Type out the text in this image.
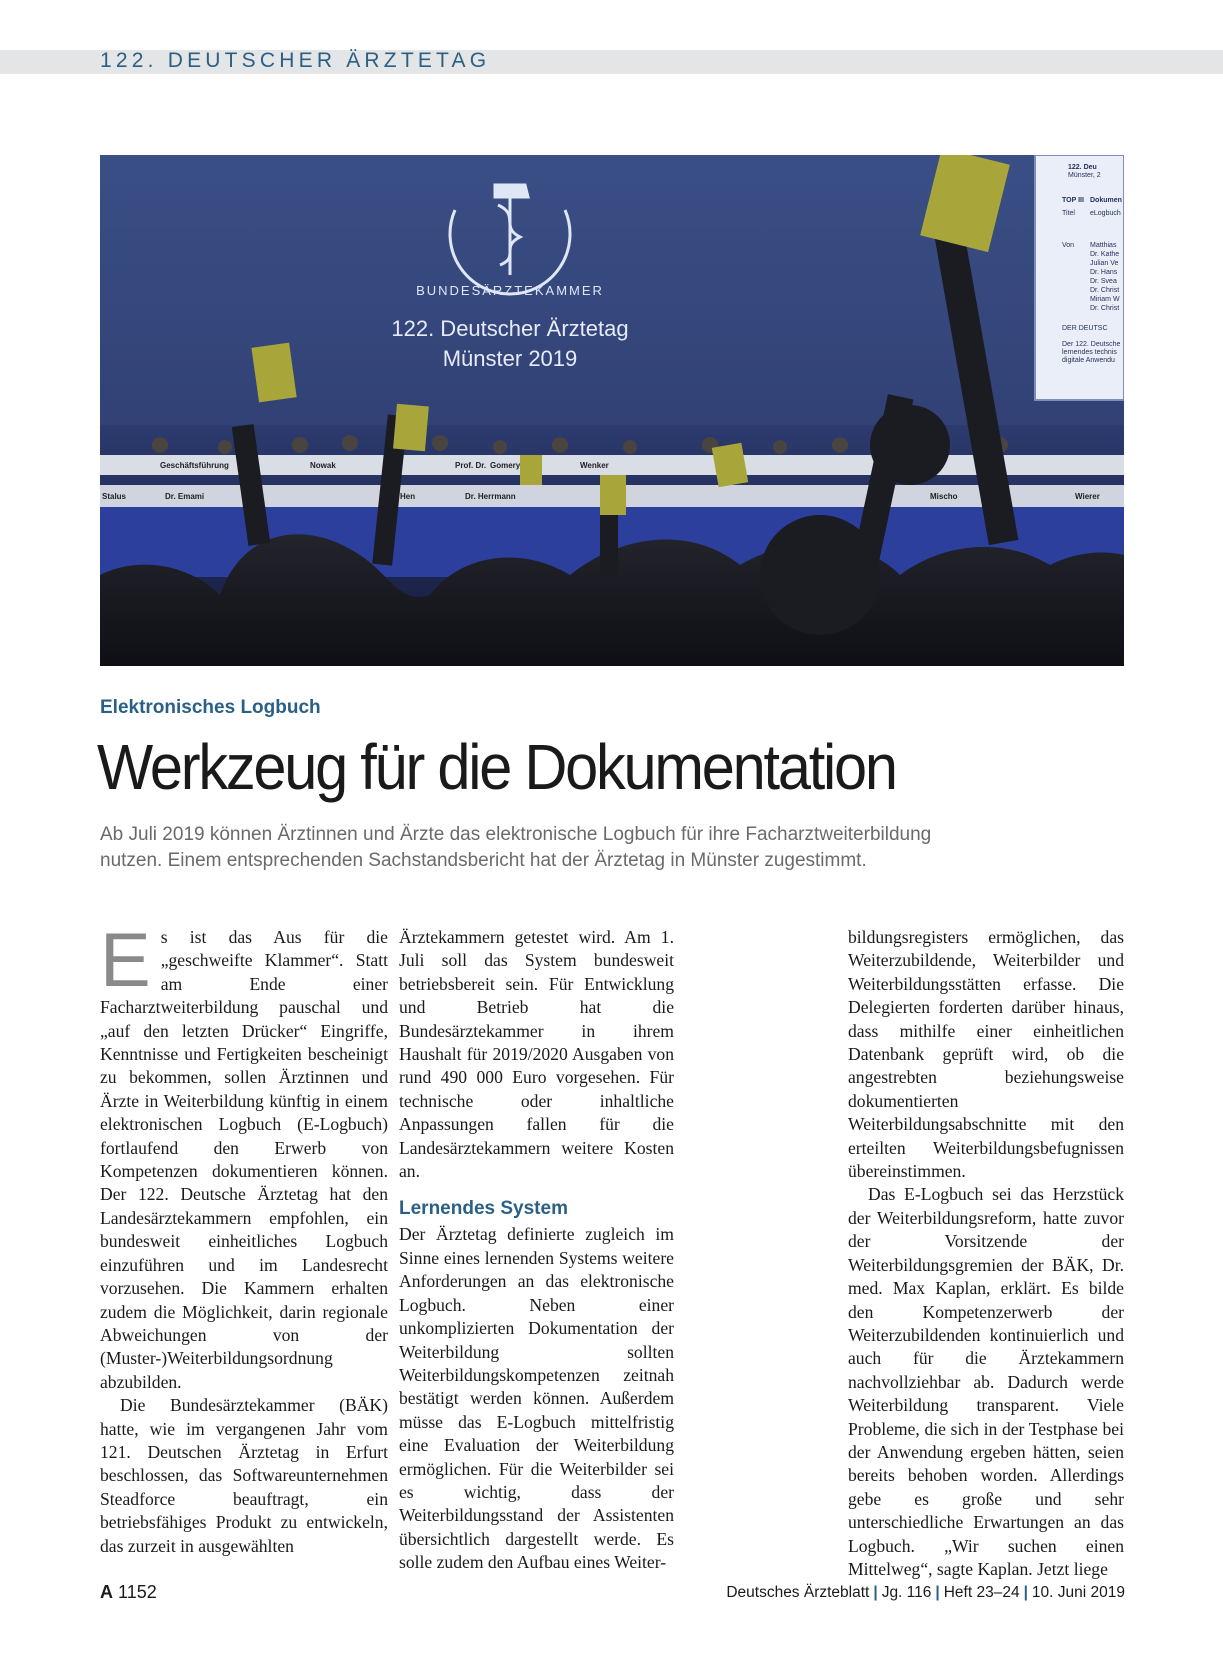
122. DEUTSCHER ÄRZTETAG
122. Deu
Münster, 2
TOP III Dokumen
Titel eLogbuch
Von Matthias
Dr. Kathe
Julian Ve
Dr. Hans
Dr. Svea
Dr. Christ
Miriam W
Dr. Christ
DER DEUTSC
Der 122. Deutsche
lernendes technis
digitale Anwendu
BUNDESÄRZTEKAMMER
122. Deutscher Ärztetag
Münster 2019
Geschäftsführung	Nowak	Prof. Dr. Gomery	Wenker
Stalus	Dr. Emami	Dr. Herrmann	Mischo	Wierer
Hen
Elektronisches Logbuch
Werkzeug für die Dokumentation

Ab Juli 2019 können Ärztinnen und Ärzte das elektronische Logbuch für ihre Facharztweiterbildung nutzen. Einem entsprechenden Sachstandsbericht hat der Ärztetag in Münster zugestimmt.

E s ist das Aus für die „geschweifte Klammer“. Statt am Ende einer Facharztweiterbildung pauschal und „auf den letzten Drücker“ Eingriffe, Kenntnisse und Fertigkeiten bescheinigt zu bekommen, sollen Ärztinnen und Ärzte in Weiterbildung künftig in einem elektronischen Logbuch (E-Logbuch) fortlaufend den Erwerb von Kompetenzen dokumentieren können. Der 122. Deutsche Ärztetag hat den Landesärztekammern empfohlen, ein bundesweit einheitliches Logbuch einzuführen und im Landesrecht vorzusehen. Die Kammern erhalten zudem die Möglichkeit, darin regionale Abweichungen von der (Muster-)Weiterbildungsordnung abzubilden.

Die Bundesärztekammer (BÄK) hatte, wie im vergangenen Jahr vom 121. Deutschen Ärztetag in Erfurt beschlossen, das Softwareunternehmen Steadforce beauftragt, ein betriebsfähiges Produkt zu entwickeln, das zurzeit in ausgewählten

Ärztekammern getestet wird. Am 1. Juli soll das System bundesweit betriebsbereit sein. Für Entwicklung und Betrieb hat die Bundesärztekammer in ihrem Haushalt für 2019/2020 Ausgaben von rund 490 000 Euro vorgesehen. Für technische oder inhaltliche Anpassungen fallen für die Landesärztekammern weitere Kosten an.

Lernendes System

Der Ärztetag definierte zugleich im Sinne eines lernenden Systems weitere Anforderungen an das elektronische Logbuch. Neben einer unkomplizierten Dokumentation der Weiterbildung sollten Weiterbildungskompetenzen zeitnah bestätigt werden können. Außerdem müsse das E-Logbuch mittelfristig eine Evaluation der Weiterbildung ermöglichen. Für die Weiterbilder sei es wichtig, dass der Weiterbildungsstand der Assistenten übersichtlich dargestellt werde. Es solle zudem den Aufbau eines Weiter-

bildungsregisters ermöglichen, das Weiterzubildende, Weiterbilder und Weiterbildungsstätten erfasse. Die Delegierten forderten darüber hinaus, dass mithilfe einer einheitlichen Datenbank geprüft wird, ob die angestrebten beziehungsweise dokumentierten Weiterbildungsabschnitte mit den erteilten Weiterbildungsbefugnissen übereinstimmen.

Das E-Logbuch sei das Herzstück der Weiterbildungsreform, hatte zuvor der Vorsitzende der Weiterbildungsgremien der BÄK, Dr. med. Max Kaplan, erklärt. Es bilde den Kompetenzerwerb der Weiterzubildenden kontinuierlich und auch für die Ärztekammern nachvollziehbar ab. Dadurch werde Weiterbildung transparent. Viele Probleme, die sich in der Testphase bei der Anwendung ergeben hätten, seien bereits behoben worden. Allerdings gebe es große und sehr unterschiedliche Erwartungen an das Logbuch. „Wir suchen einen Mittelweg“, sagte Kaplan. Jetzt liege

A 1152	Deutsches Ärzteblatt | Jg. 116 | Heft 23–24 | 10. Juni 2019
